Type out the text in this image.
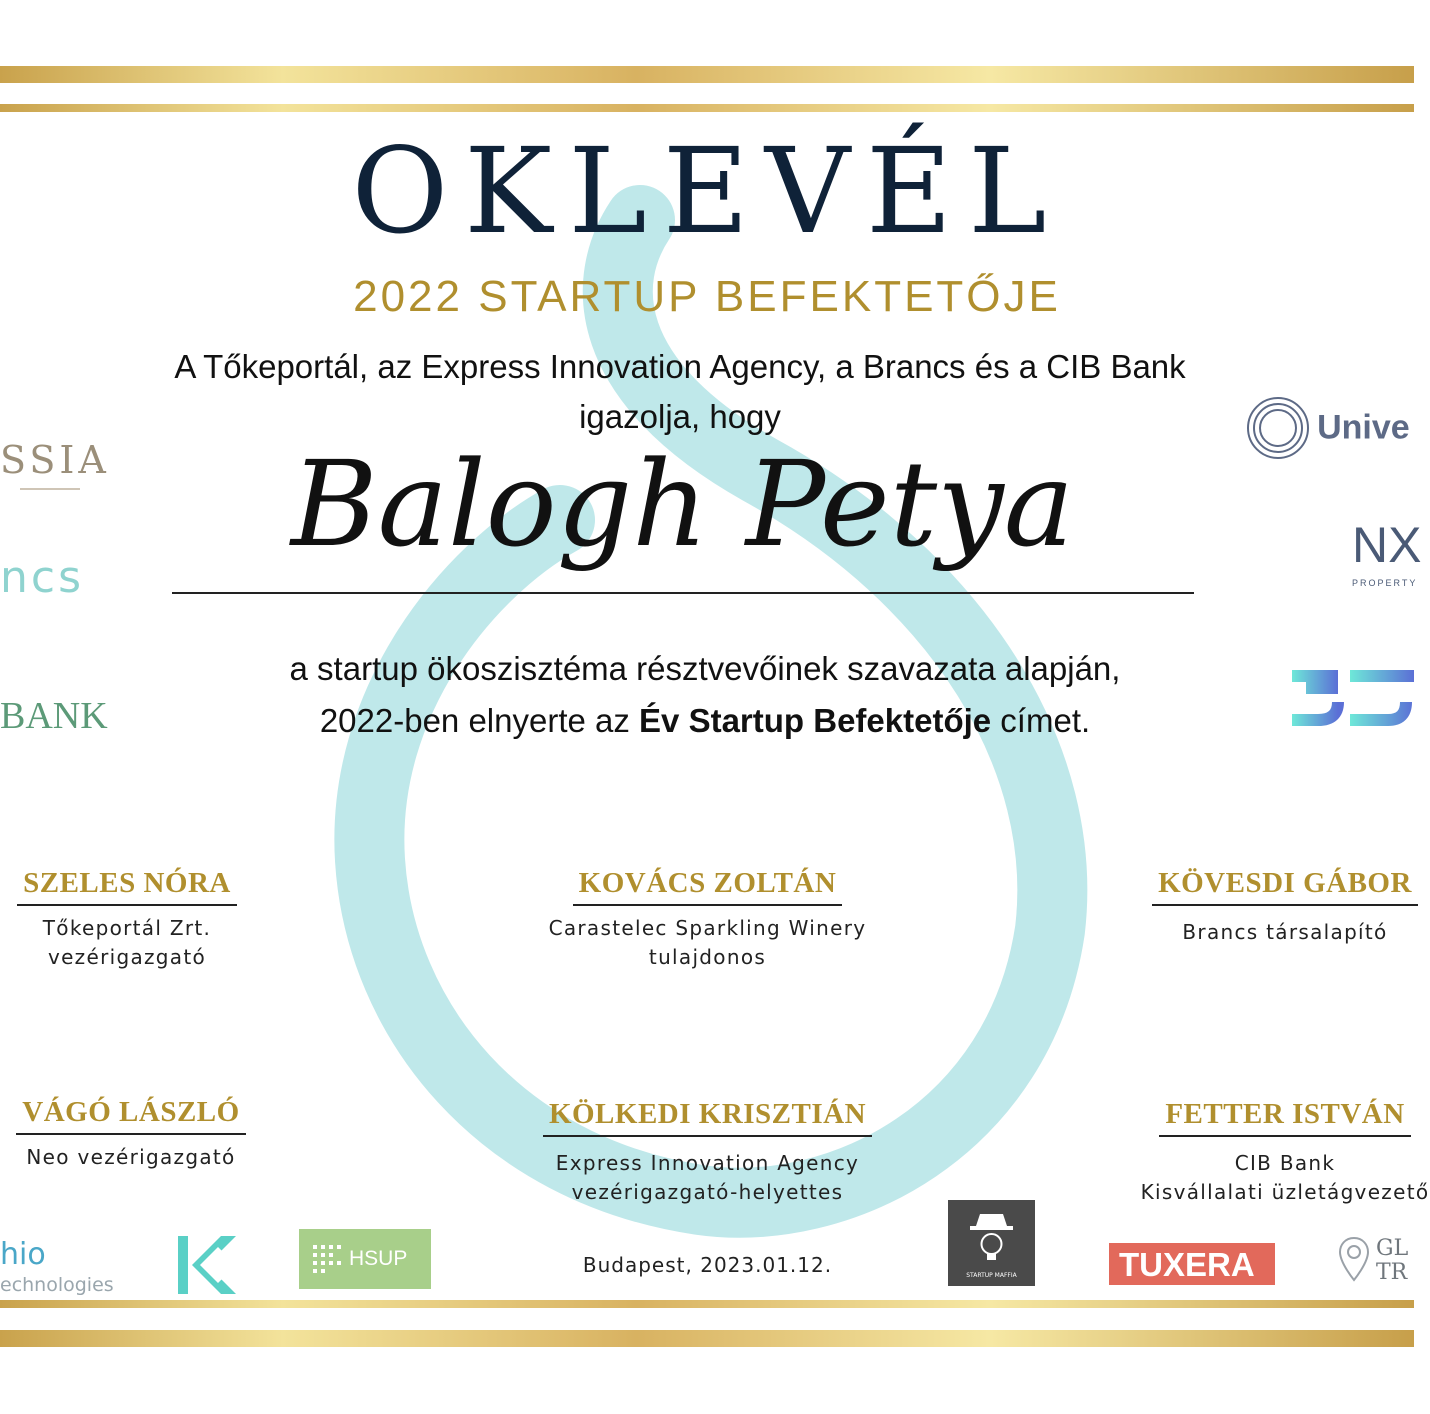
SSIA
ncs
BANK
Unive
NX
PROPERTY
OKLEVÉL
2022 STARTUP BEFEKTETŐJE
A Tőkeportál, az Express Innovation Agency, a Brancs és a CIB Bank igazolja, hogy
Balogh Petya
a startup ökoszisztéma résztvevőinek szavazata alapján,
2022-ben elnyerte az Év Startup Befektetője címet.
SZELES NÓRA
Tőkeportál Zrt.
vezérigazgató
KOVÁCS ZOLTÁN
Carastelec Sparkling Winery
tulajdonos
KÖVESDI GÁBOR
Brancs társalapító
VÁGÓ LÁSZLÓ
Neo vezérigazgató
KÖLKEDI KRISZTIÁN
Express Innovation Agency
vezérigazgató-helyettes
FETTER ISTVÁN
CIB Bank
Kisvállalati üzletágvezető
Budapest, 2023.01.12.
hio
echnologies
HSUP
STARTUP MAFFIA	TUXERA	GL
TR
